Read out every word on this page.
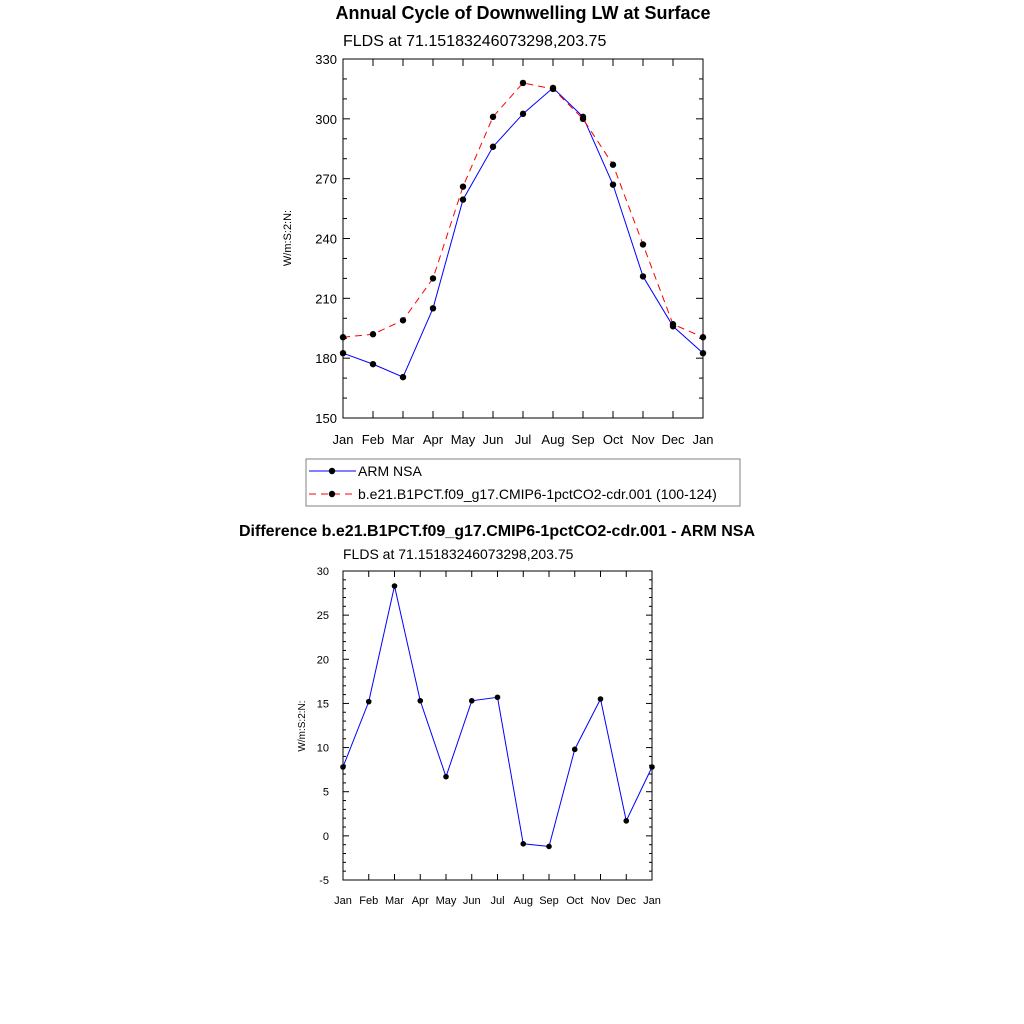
Annual Cycle of Downwelling LW at Surface
FLDS at 71.15183246073298,203.75
W/m:S:2:N:
Jan Feb Mar Apr May Jun Jul Aug Sep Oct Nov Dec Jan
150
180
210
240
270
300
330
ARM NSA
b.e21.B1PCT.f09_g17.CMIP6-1pctCO2-cdr.001 (100-124)
Difference b.e21.B1PCT.f09_g17.CMIP6-1pctCO2-cdr.001 - ARM NSA
FLDS at 71.15183246073298,203.75
W/m:S:2:N:
Jan Feb Mar Apr May Jun Jul Aug Sep Oct Nov Dec Jan
-5
0
5
10
15
20
25
30
